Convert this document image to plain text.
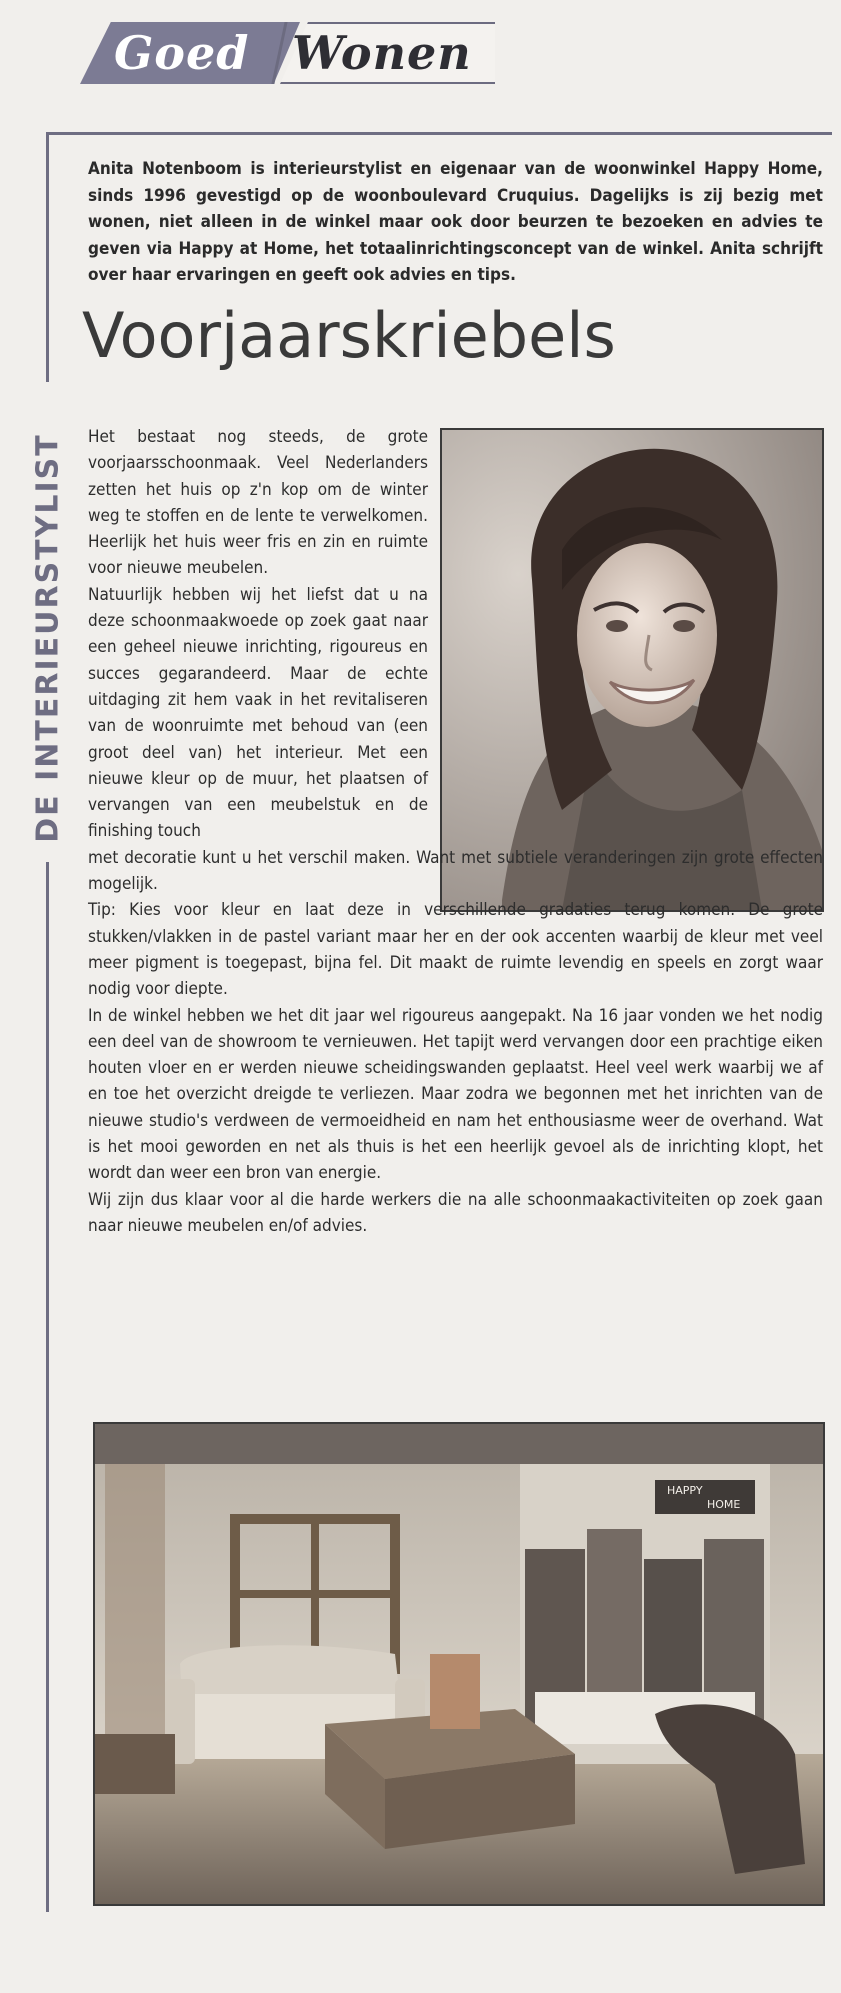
Goed Wonen
DE INTERIEURSTYLIST

Anita Notenboom is interieurstylist en eigenaar van de woonwinkel Happy Home, sinds 1996 gevestigd op de woonboulevard Cruquius. Dagelijks is zij bezig met wonen, niet alleen in de winkel maar ook door beurzen te bezoeken en advies te geven via Happy at Home, het totaalinrichtingsconcept van de winkel. Anita schrijft over haar ervaringen en geeft ook advies en tips.

Voorjaarskriebels

Het bestaat nog steeds, de grote voorjaarsschoonmaak. Veel Nederlanders zetten het huis op z'n kop om de winter weg te stoffen en de lente te verwelkomen. Heerlijk het huis weer fris en zin en ruimte voor nieuwe meubelen.

Natuurlijk hebben wij het liefst dat u na deze schoonmaakwoede op zoek gaat naar een geheel nieuwe inrichting, rigoureus en succes gegarandeerd. Maar de echte uitdaging zit hem vaak in het revitaliseren van de woonruimte met behoud van (een groot deel van) het interieur. Met een nieuwe kleur op de muur, het plaatsen of vervangen van een meubelstuk en de finishing touch

met decoratie kunt u het verschil maken. Want met subtiele veranderingen zijn grote effecten mogelijk.

Tip: Kies voor kleur en laat deze in verschillende gradaties terug komen. De grote stukken/vlakken in de pastel variant maar her en der ook accenten waarbij de kleur met veel meer pigment is toegepast, bijna fel. Dit maakt de ruimte levendig en speels en zorgt waar nodig voor diepte.

In de winkel hebben we het dit jaar wel rigoureus aangepakt. Na 16 jaar vonden we het nodig een deel van de showroom te vernieuwen. Het tapijt werd vervangen door een prachtige eiken houten vloer en er werden nieuwe scheidingswanden geplaatst. Heel veel werk waarbij we af en toe het overzicht dreigde te verliezen. Maar zodra we begonnen met het inrichten van de nieuwe studio's verdween de vermoeidheid en nam het enthousiasme weer de overhand. Wat is het mooi geworden en net als thuis is het een heerlijk gevoel als de inrichting klopt, het wordt dan weer een bron van energie.

Wij zijn dus klaar voor al die harde werkers die na alle schoonmaakactiviteiten op zoek gaan naar nieuwe meubelen en/of advies.

HAPPY
HOME
